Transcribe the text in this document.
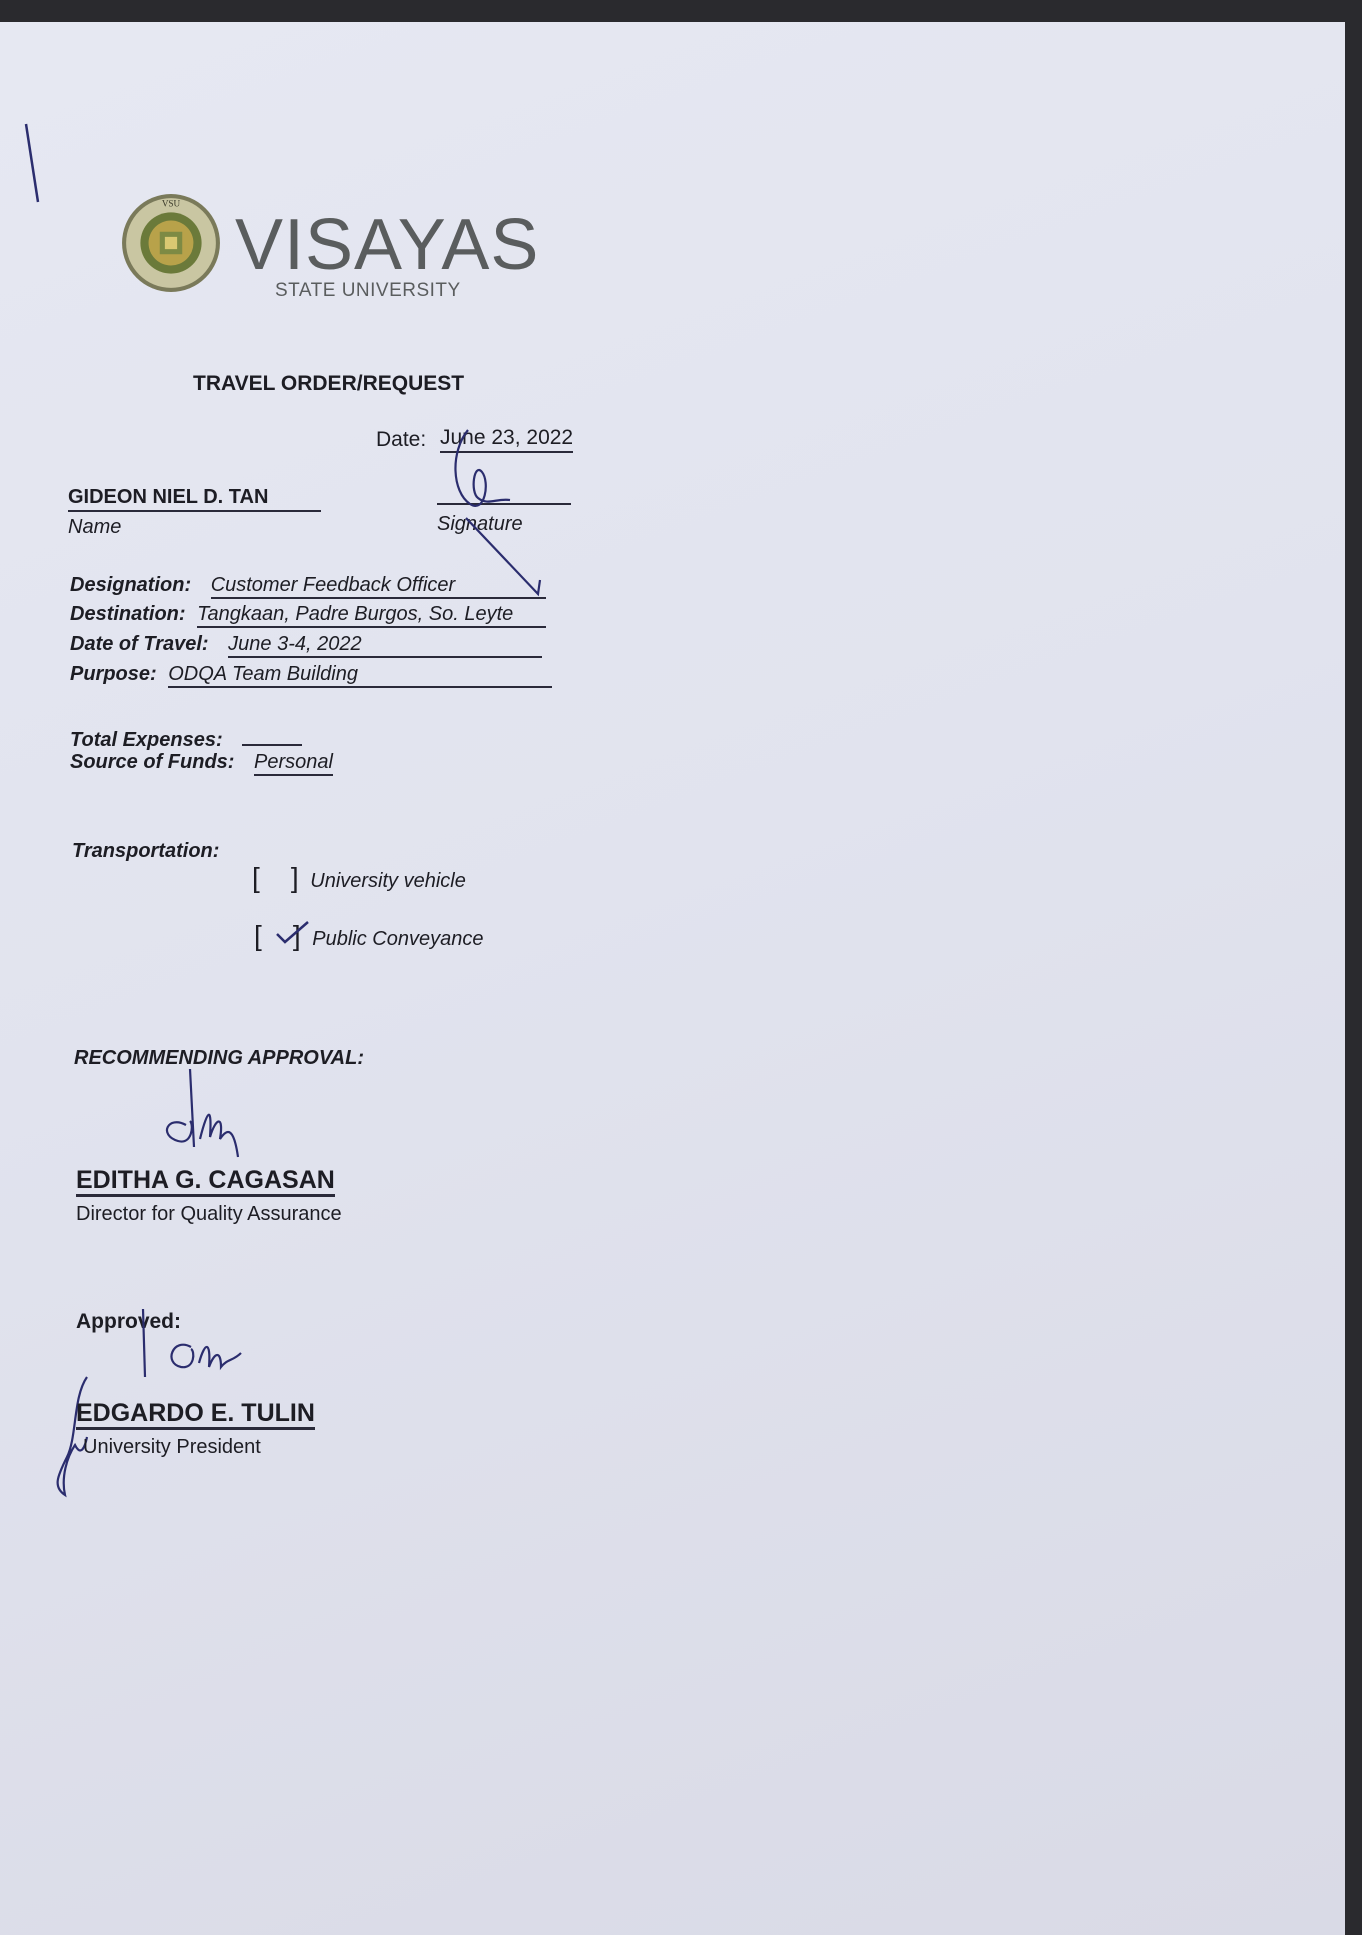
VSU
VISAYAS
STATE UNIVERSITY
TRAVEL ORDER/REQUEST
Date: June 23, 2022
GIDEON NIEL D. TAN
Name	Signature
Designation: Customer Feedback Officer
Destination: Tangkaan, Padre Burgos, So. Leyte
Date of Travel: June 3-4, 2022
Purpose: ODQA Team Building
Total Expenses:
Source of Funds: Personal
Transportation:
[    ] University vehicle
[    ] Public Conveyance
RECOMMENDING APPROVAL:
EDITHA G. CAGASAN
Director for Quality Assurance
Approved:
EDGARDO E. TULIN
University President
